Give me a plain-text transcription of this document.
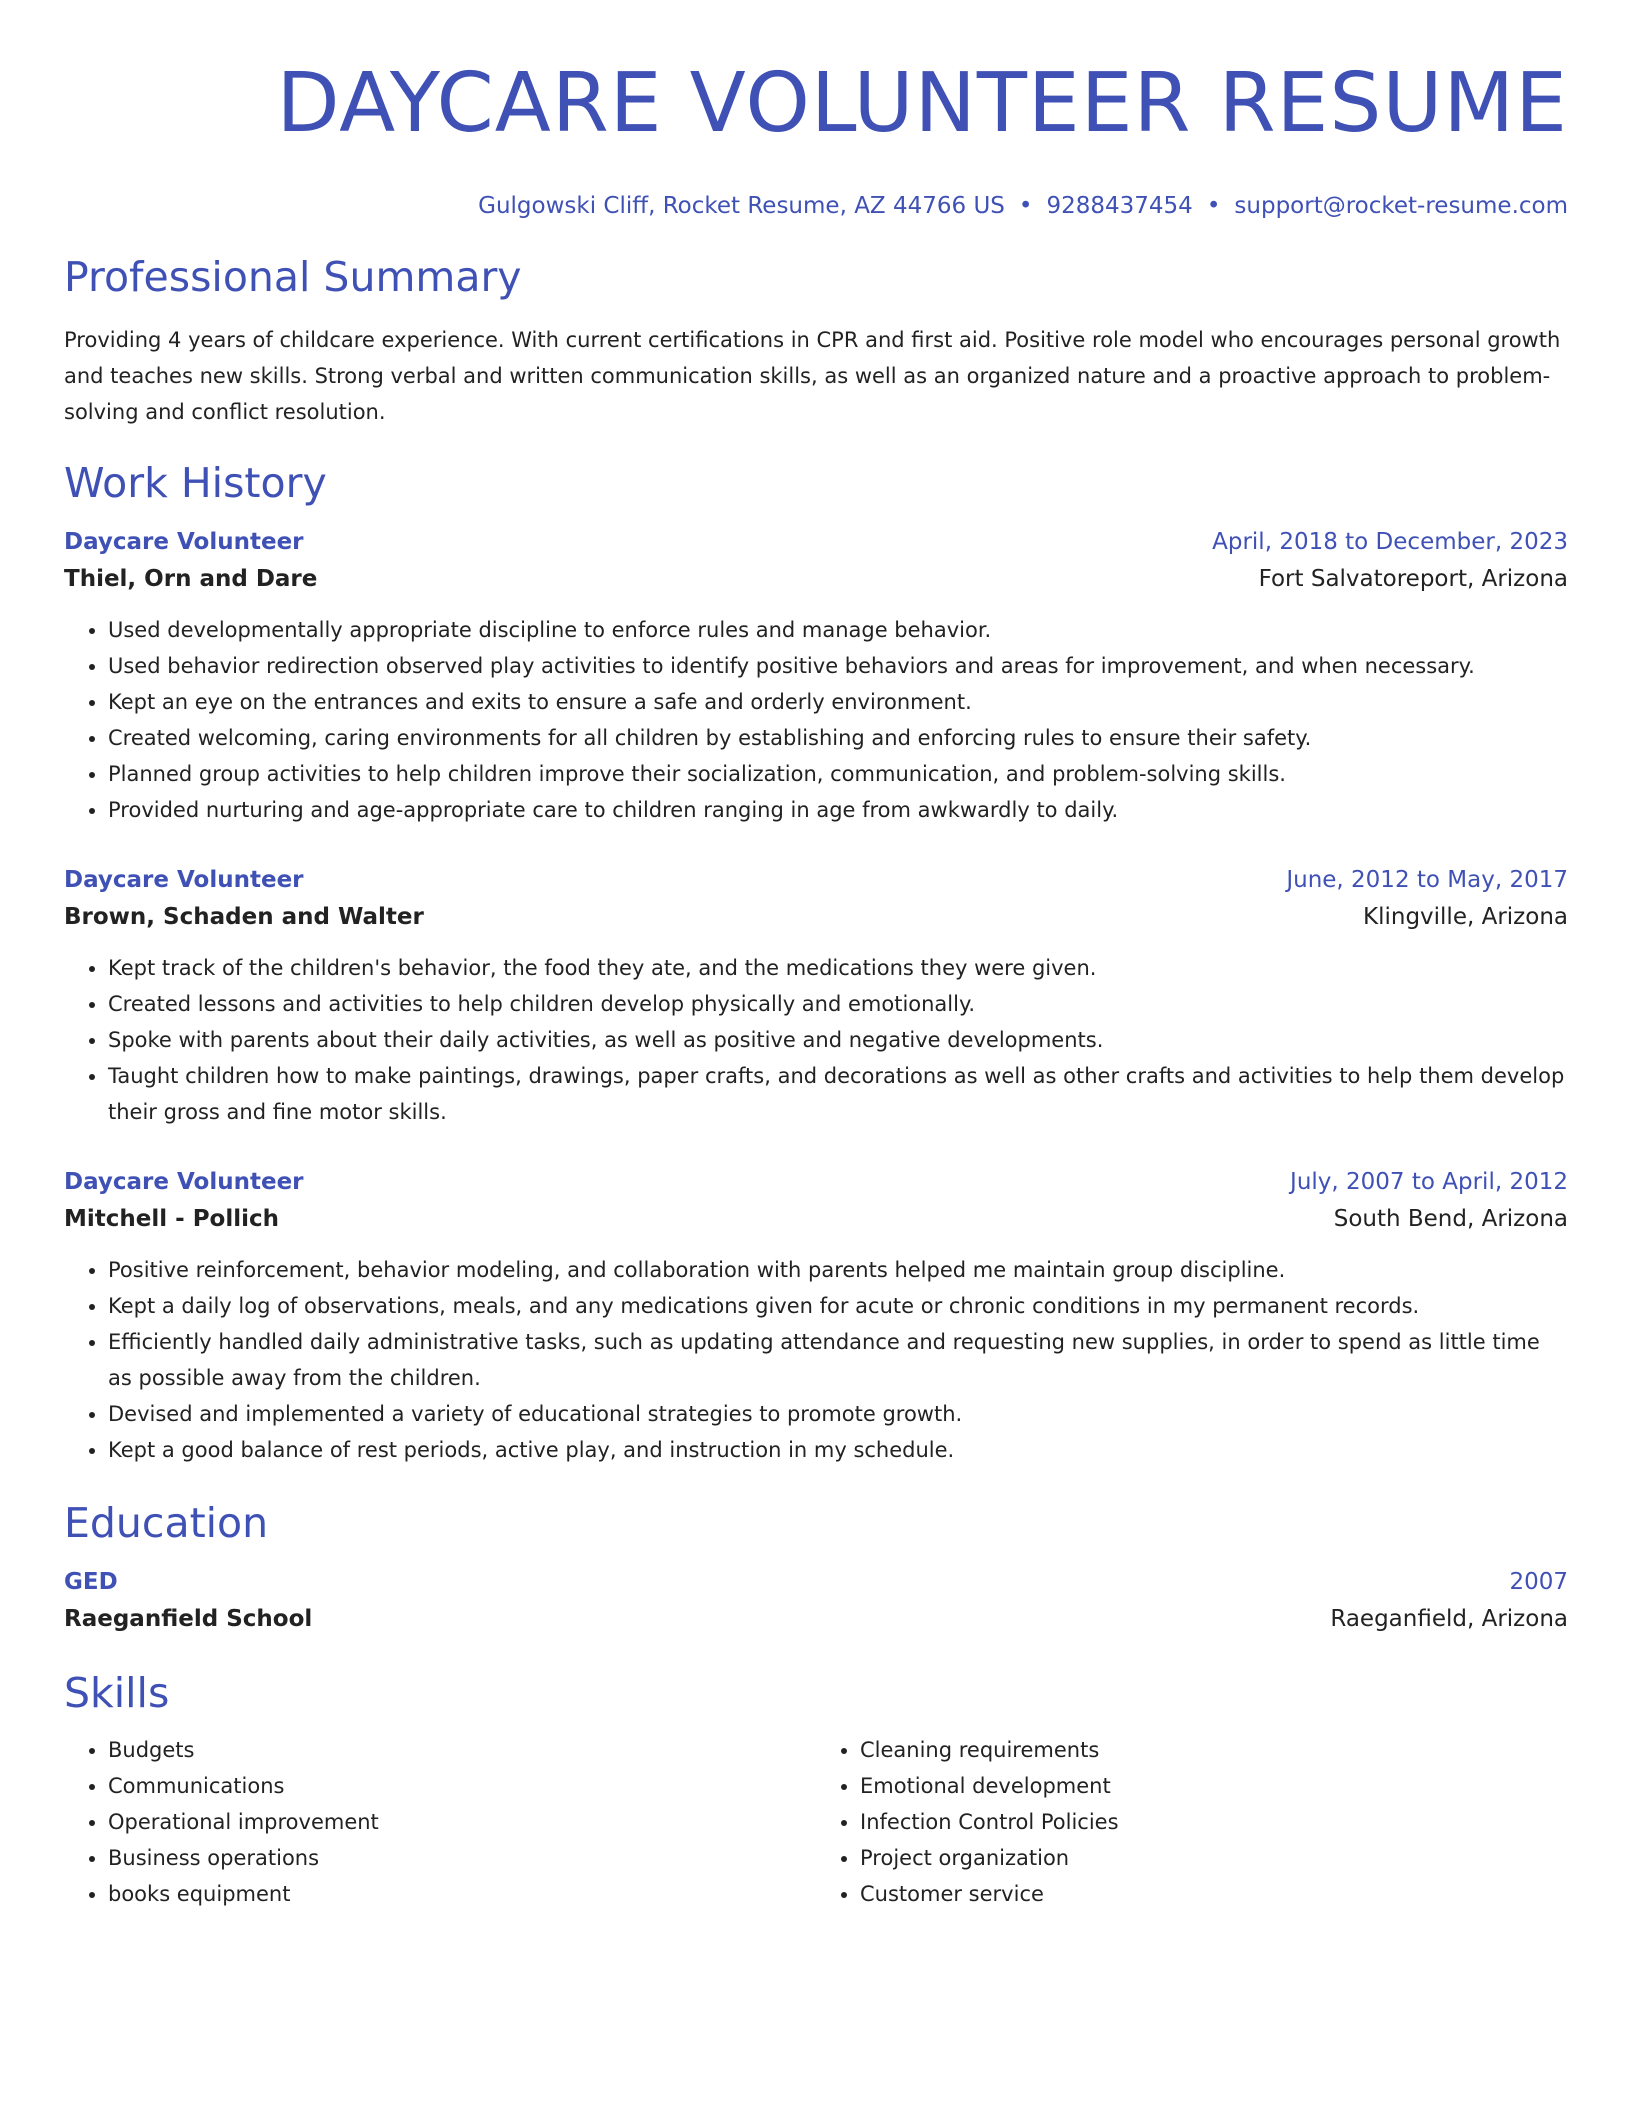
DAYCARE VOLUNTEER RESUME
Gulgowski Cliff, Rocket Resume, AZ 44766 US • 9288437454 • support@rocket-resume.com
Professional Summary
Providing 4 years of childcare experience. With current certifications in CPR and first aid. Positive role model who encourages personal growth and teaches new skills. Strong verbal and written communication skills, as well as an organized nature and a proactive approach to problem-solving and conflict resolution.
Work History
Daycare Volunteer	April, 2018 to December, 2023
Thiel, Orn and Dare	Fort Salvatoreport, Arizona
• Used developmentally appropriate discipline to enforce rules and manage behavior.
• Used behavior redirection observed play activities to identify positive behaviors and areas for improvement, and when necessary.
• Kept an eye on the entrances and exits to ensure a safe and orderly environment.
• Created welcoming, caring environments for all children by establishing and enforcing rules to ensure their safety.
• Planned group activities to help children improve their socialization, communication, and problem-solving skills.
• Provided nurturing and age-appropriate care to children ranging in age from awkwardly to daily.
Daycare Volunteer	June, 2012 to May, 2017
Brown, Schaden and Walter	Klingville, Arizona
• Kept track of the children's behavior, the food they ate, and the medications they were given.
• Created lessons and activities to help children develop physically and emotionally.
• Spoke with parents about their daily activities, as well as positive and negative developments.
• Taught children how to make paintings, drawings, paper crafts, and decorations as well as other crafts and activities to help them develop their gross and fine motor skills.
Daycare Volunteer	July, 2007 to April, 2012
Mitchell - Pollich	South Bend, Arizona
• Positive reinforcement, behavior modeling, and collaboration with parents helped me maintain group discipline.
• Kept a daily log of observations, meals, and any medications given for acute or chronic conditions in my permanent records.
• Efficiently handled daily administrative tasks, such as updating attendance and requesting new supplies, in order to spend as little time as possible away from the children.
• Devised and implemented a variety of educational strategies to promote growth.
• Kept a good balance of rest periods, active play, and instruction in my schedule.
Education
GED	2007
Raeganfield School	Raeganfield, Arizona
Skills
• Budgets
• Communications
• Operational improvement
• Business operations
• books equipment
• Cleaning requirements
• Emotional development
• Infection Control Policies
• Project organization
• Customer service
